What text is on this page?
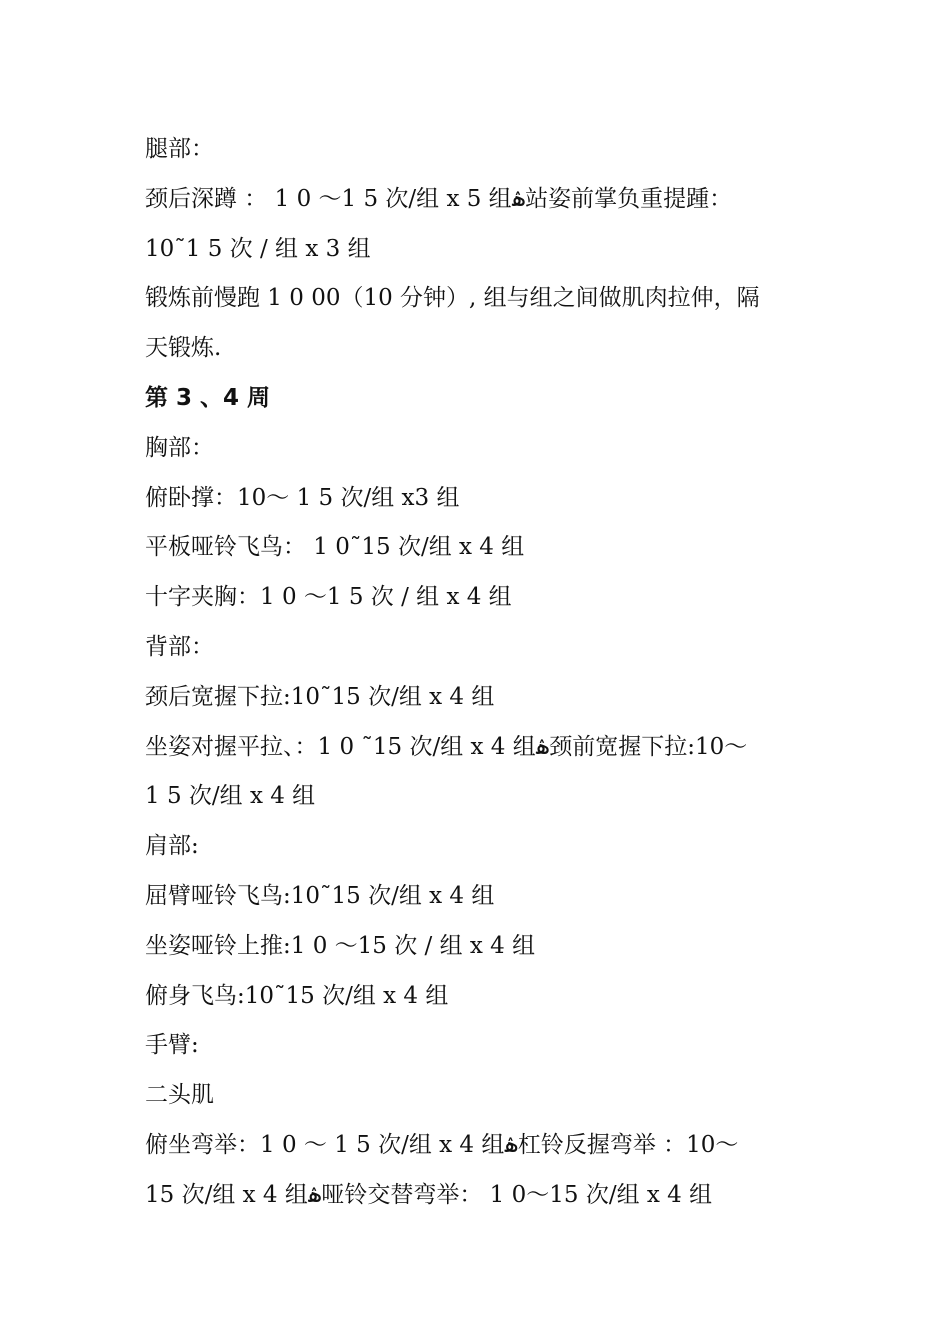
腿部：
颈后深蹲 ： 1 0 ～1 5 次/组 x 5 组ۿ站姿前掌负重提踵：
10˜1 5 次 / 组 x 3 组
锻炼前慢跑 1 0 00（10 分钟）, 组与组之间做肌肉拉伸，隔
天锻炼.
第 3 、4 周
胸部：
俯卧撑：10～ 1 5 次/组 x3 组
平板哑铃飞鸟： 1 0˜15 次/组 x 4 组
十字夹胸：1 0 ～1 5 次 / 组 x 4 组
背部：
颈后宽握下拉:10˜15 次/组 x 4 组
坐姿对握平拉、：1 0 ˜15 次/组 x 4 组ۿ颈前宽握下拉:10～
1 5 次/组 x 4 组
肩部:
屈臂哑铃飞鸟:10˜15 次/组 x 4 组
坐姿哑铃上推:1 0 ～15 次 / 组 x 4 组
俯身飞鸟:10˜15 次/组 x 4 组
手臂:
二头肌
俯坐弯举：1 0 ～ 1 5 次/组 x 4 组ۿ杠铃反握弯举 ：10～
15 次/组 x 4 组ۿ哑铃交替弯举： 1 0～15 次/组 x 4 组
